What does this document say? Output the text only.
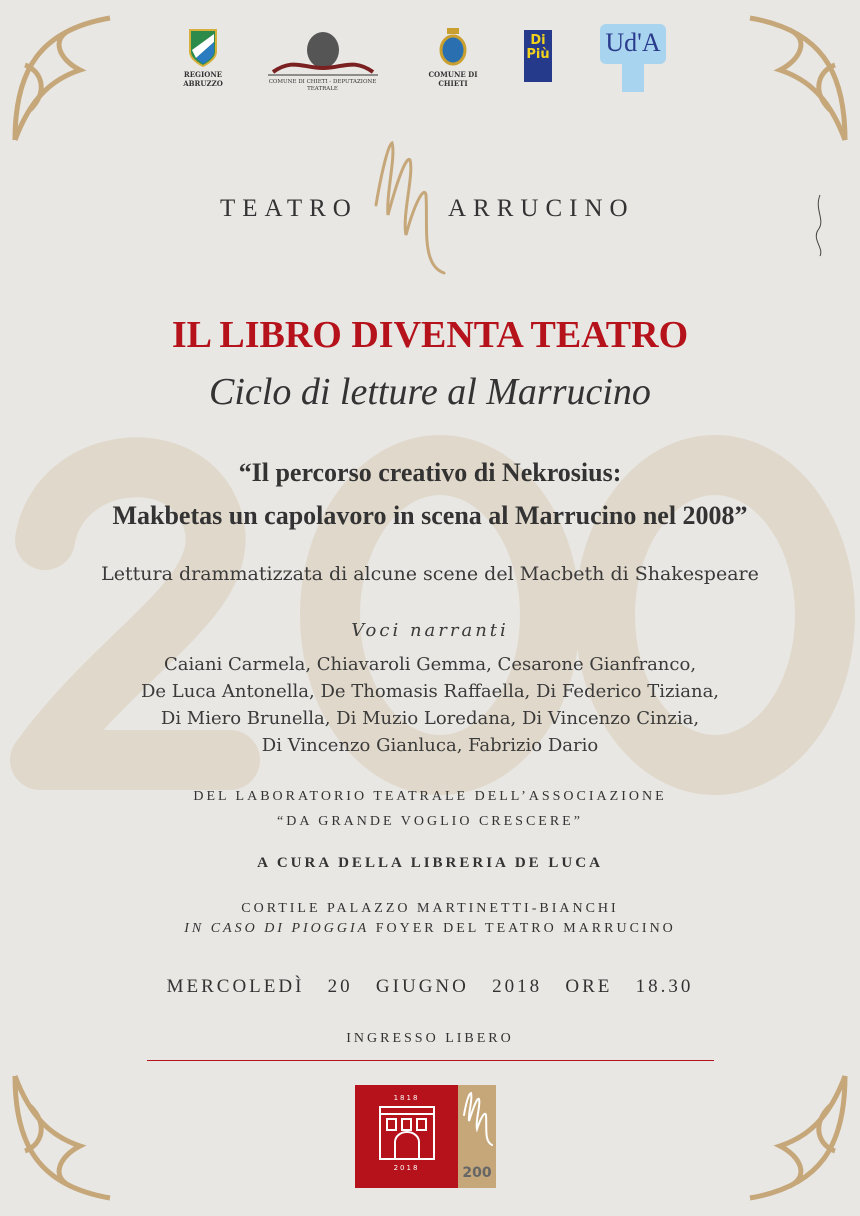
REGIONE ABRUZZO	COMUNE DI CHIETI - DEPUTAZIONE TEATRALE
COMUNE DI CHIETI
Di Più Ud'A
TEATRO	ARRUCINO
IL LIBRO DIVENTA TEATRO
Ciclo di letture al Marrucino
“Il percorso creativo di Nekrosius:
Makbetas un capolavoro in scena al Marrucino nel 2008”
Lettura drammatizzata di alcune scene del Macbeth di Shakespeare
Voci narranti
Caiani Carmela, Chiavaroli Gemma, Cesarone Gianfranco,
De Luca Antonella, De Thomasis Raffaella, Di Federico Tiziana,
Di Miero Brunella, Di Muzio Loredana, Di Vincenzo Cinzia,
Di Vincenzo Gianluca, Fabrizio Dario
DEL LABORATORIO TEATRALE DELL’ASSOCIAZIONE
“DA GRANDE VOGLIO CRESCERE”
A CURA DELLA LIBRERIA DE LUCA
CORTILE PALAZZO MARTINETTI-BIANCHI
IN CASO DI PIOGGIA FOYER DEL TEATRO MARRUCINO
MERCOLEDÌ   20   GIUGNO   2018   ORE   18.30
INGRESSO LIBERO
1818
2018	200
